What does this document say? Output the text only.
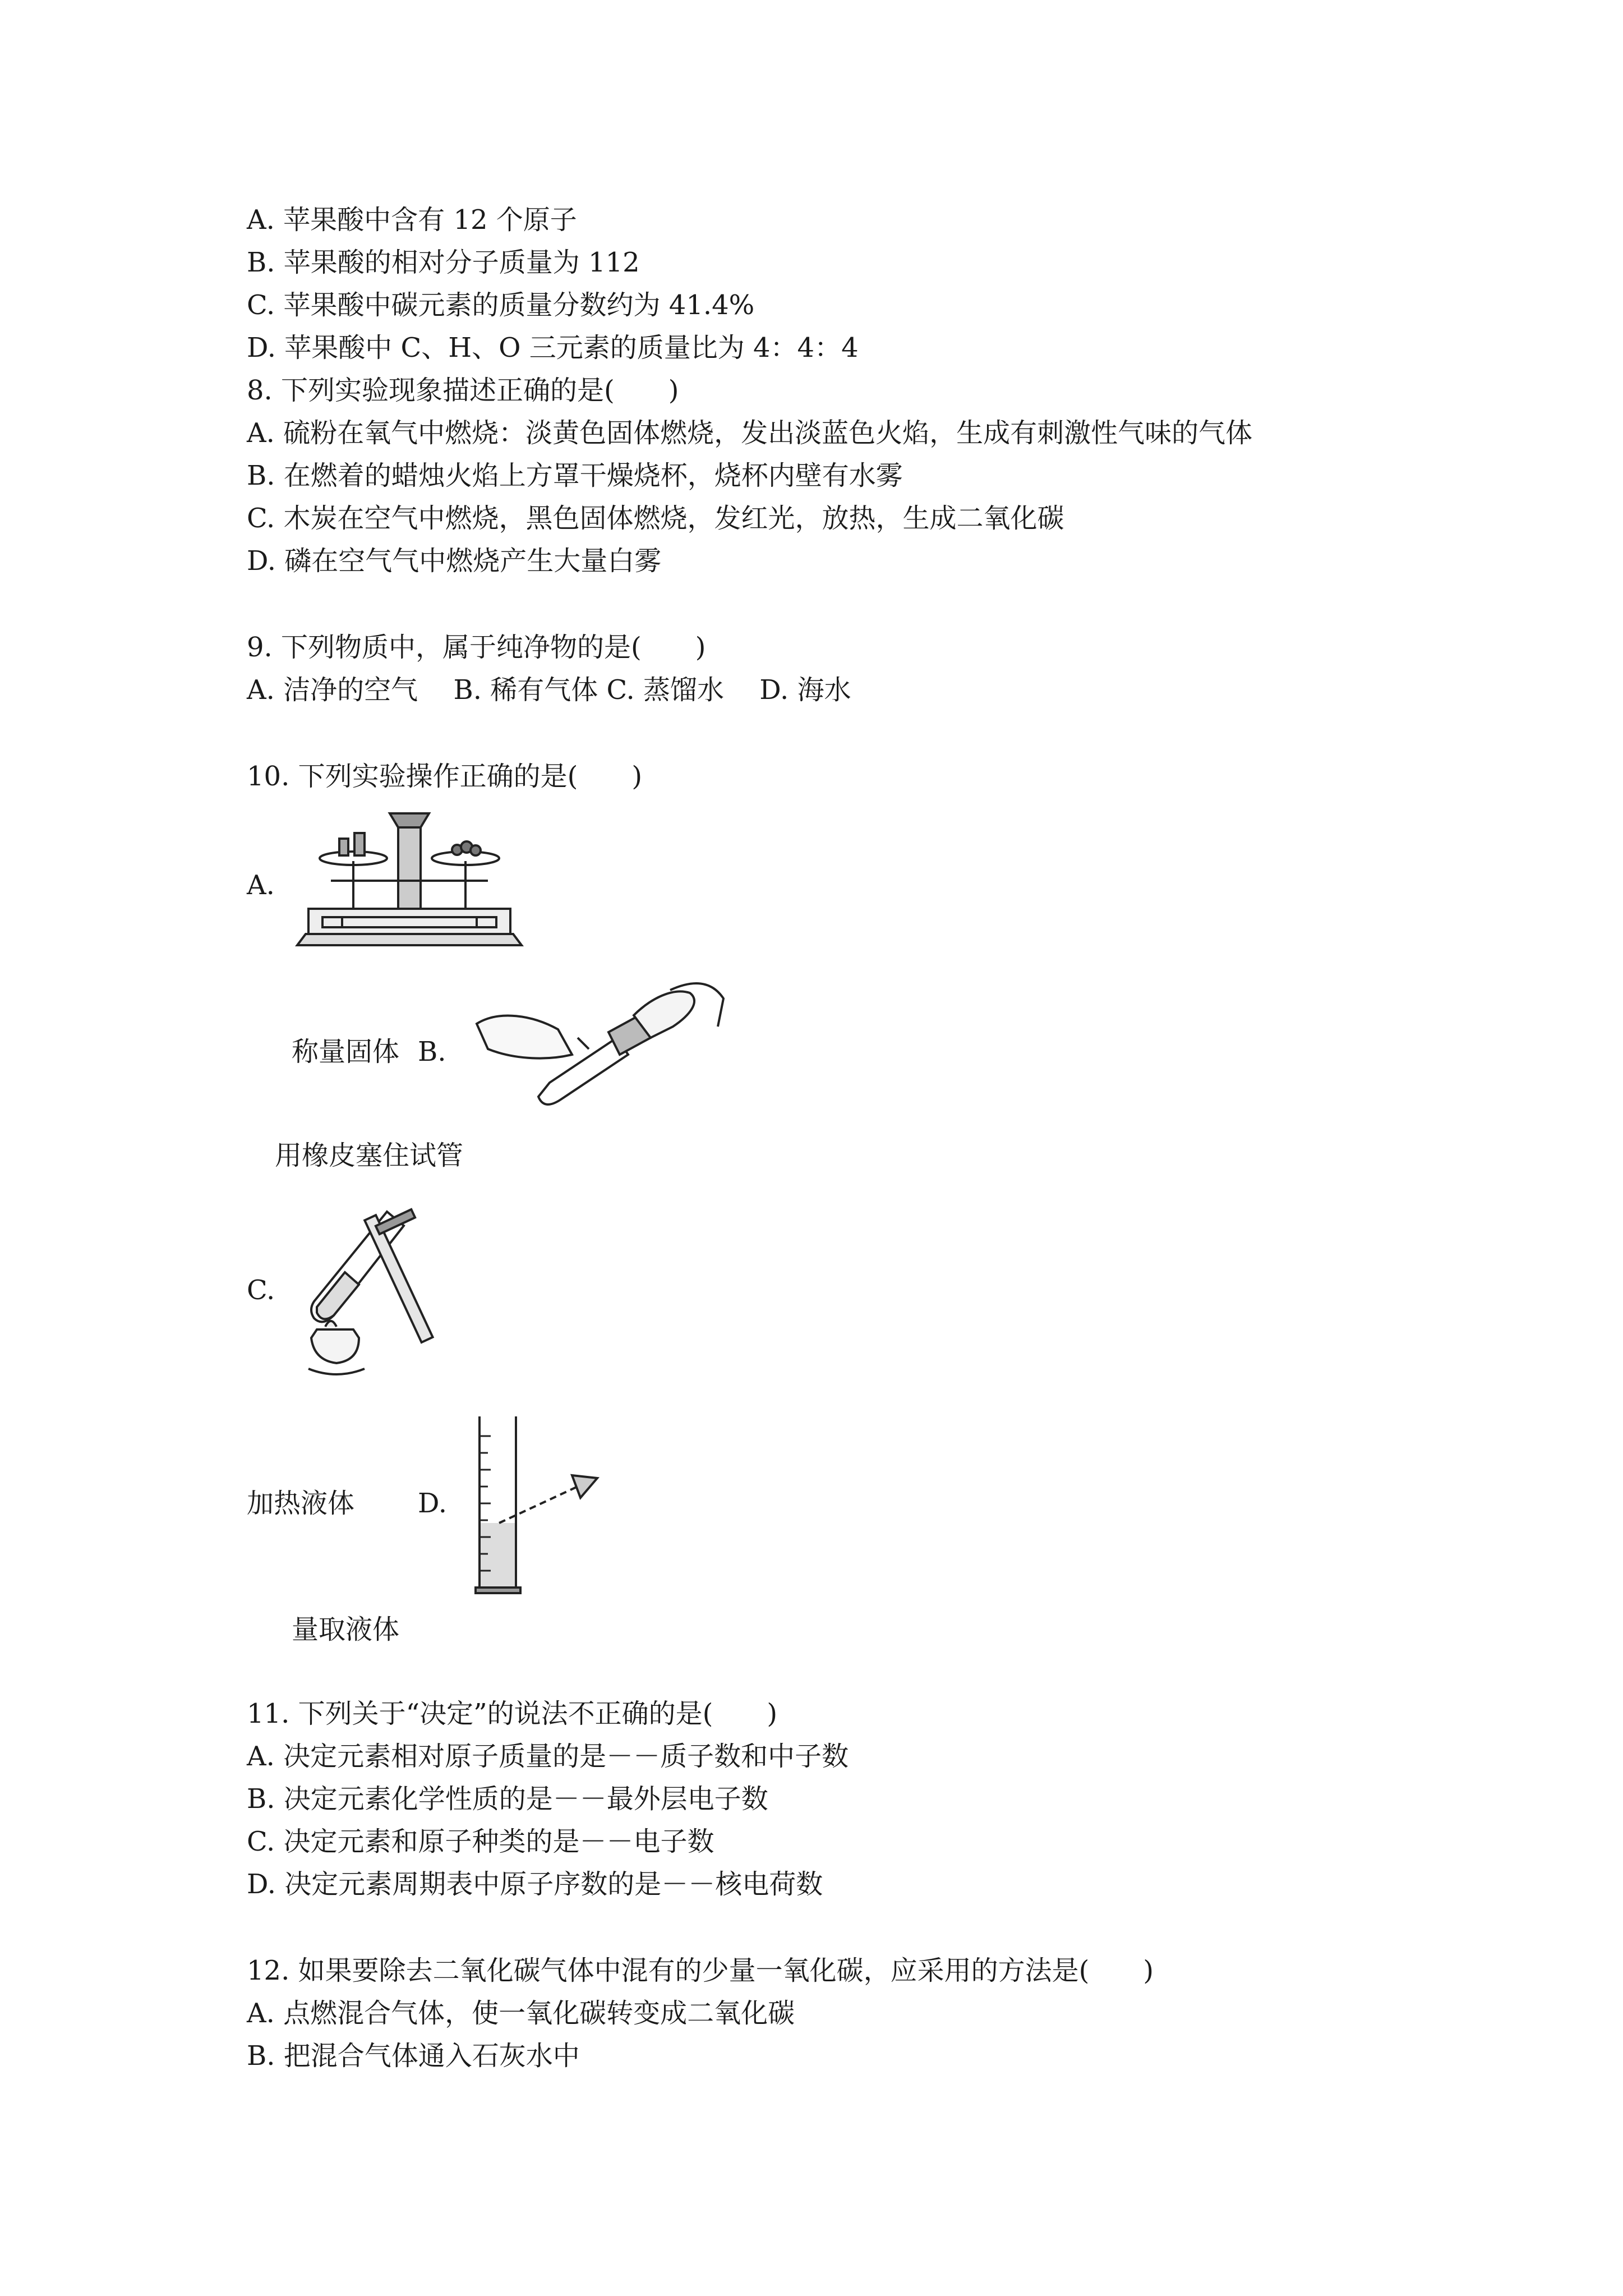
A. 苹果酸中含有 12 个原子
B. 苹果酸的相对分子质量为 112
C. 苹果酸中碳元素的质量分数约为 41.4%
D. 苹果酸中 C、H、O 三元素的质量比为 4：4：4
8. 下列实验现象描述正确的是(　　)
A. 硫粉在氧气中燃烧：淡黄色固体燃烧，发出淡蓝色火焰，生成有刺激性气味的气体
B. 在燃着的蜡烛火焰上方罩干燥烧杯，烧杯内壁有水雾
C. 木炭在空气中燃烧，黑色固体燃烧，发红光，放热，生成二氧化碳
D. 磷在空气气中燃烧产生大量白雾
9. 下列物质中，属于纯净物的是(　　)
A. 洁净的空气　 B. 稀有气体 C. 蒸馏水　 D. 海水
10. 下列实验操作正确的是(　　)
A.
称量固体 B.
用橡皮塞住试管
C.
加热液体 D.
量取液体
11. 下列关于“决定”的说法不正确的是(　　)
A. 决定元素相对原子质量的是－－质子数和中子数
B. 决定元素化学性质的是－－最外层电子数
C. 决定元素和原子种类的是－－电子数
D. 决定元素周期表中原子序数的是－－核电荷数
12. 如果要除去二氧化碳气体中混有的少量一氧化碳，应采用的方法是(　　)
A. 点燃混合气体，使一氧化碳转变成二氧化碳
B. 把混合气体通入石灰水中
